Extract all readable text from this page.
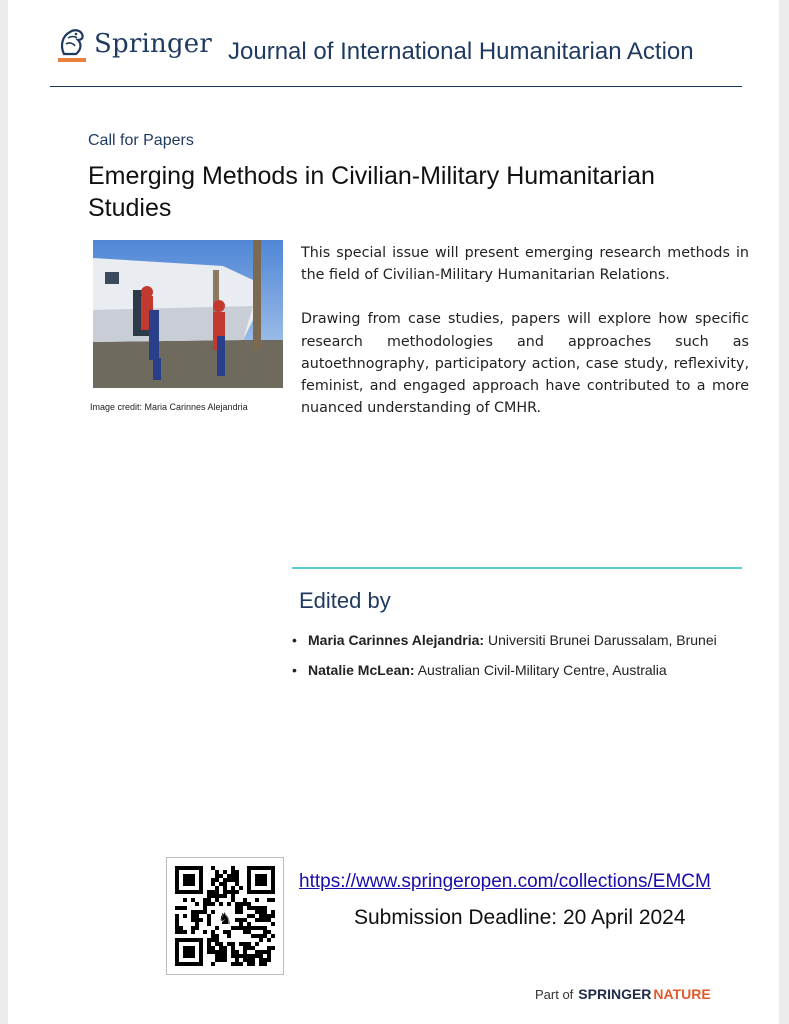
Springer Journal of International Humanitarian Action
Call for Papers
Emerging Methods in Civilian-Military Humanitarian Studies
Image credit: Maria Carinnes Alejandria

This special issue will present emerging research methods in the field of Civilian-Military Humanitarian Relations.

Drawing from case studies, papers will explore how specific research methodologies and approaches such as autoethnography, participatory action, case study, reflexivity, feminist, and engaged approach have contributed to a more nuanced understanding of CMHR.

Edited by
• Maria Carinnes Alejandria: Universiti Brunei Darussalam, Brunei
• Natalie McLean: Australian Civil-Military Centre, Australia
♞
https://www.springeropen.com/collections/EMCM
Submission Deadline: 20 April 2024
Part of SPRINGER NATURE
